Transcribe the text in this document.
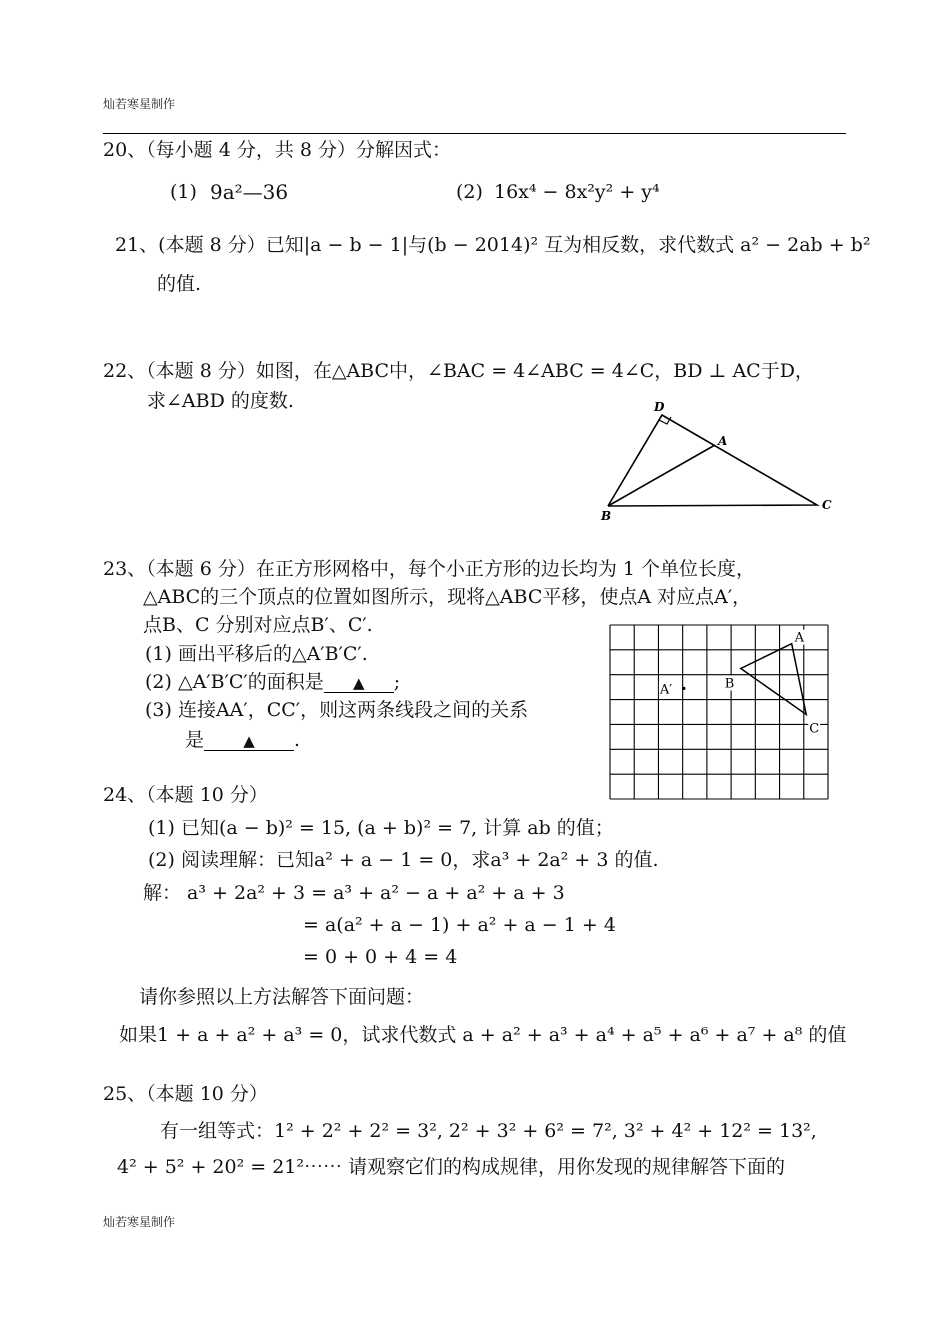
灿若寒星制作
20、（每小题 4 分，共 8 分）分解因式：
(1) 9a²—36	(2) 16x⁴ − 8x²y² + y⁴
21、(本题 8 分）已知|a − b − 1|与(b − 2014)² 互为相反数，求代数式 a² − 2ab + b²
的值.
22、（本题 8 分）如图，在△ABC中，∠BAC = 4∠ABC = 4∠C，BD ⊥ AC于D，
求∠ABD 的度数.	D
A
B
C
23、（本题 6 分）在正方形网格中，每个小正方形的边长均为 1 个单位长度，
△ABC的三个顶点的位置如图所示，现将△ABC平移，使点A 对应点A′，
点B、C 分别对应点B′、C′.
(1) 画出平移后的△A′B′C′.
(2) △A′B′C′的面积是 ▲ ;
(3) 连接AA′，CC′，则这两条线段之间的关系
是	▲ .
A
B
C
A′
24、（本题 10 分）
(1) 已知(a − b)² = 15, (a + b)² = 7, 计算 ab 的值；
(2) 阅读理解：已知a² + a − 1 = 0，求a³ + 2a² + 3 的值.
解： a³ + 2a² + 3 = a³ + a² − a + a² + a + 3
= a(a² + a − 1) + a² + a − 1 + 4
= 0 + 0 + 4 = 4
请你参照以上方法解答下面问题：
如果1 + a + a² + a³ = 0，试求代数式 a + a² + a³ + a⁴ + a⁵ + a⁶ + a⁷ + a⁸ 的值
25、（本题 10 分）
有一组等式：1² + 2² + 2² = 3², 2² + 3² + 6² = 7², 3² + 4² + 12² = 13²,
4² + 5² + 20² = 21²⋯⋯ 请观察它们的构成规律，用你发现的规律解答下面的
灿若寒星制作
